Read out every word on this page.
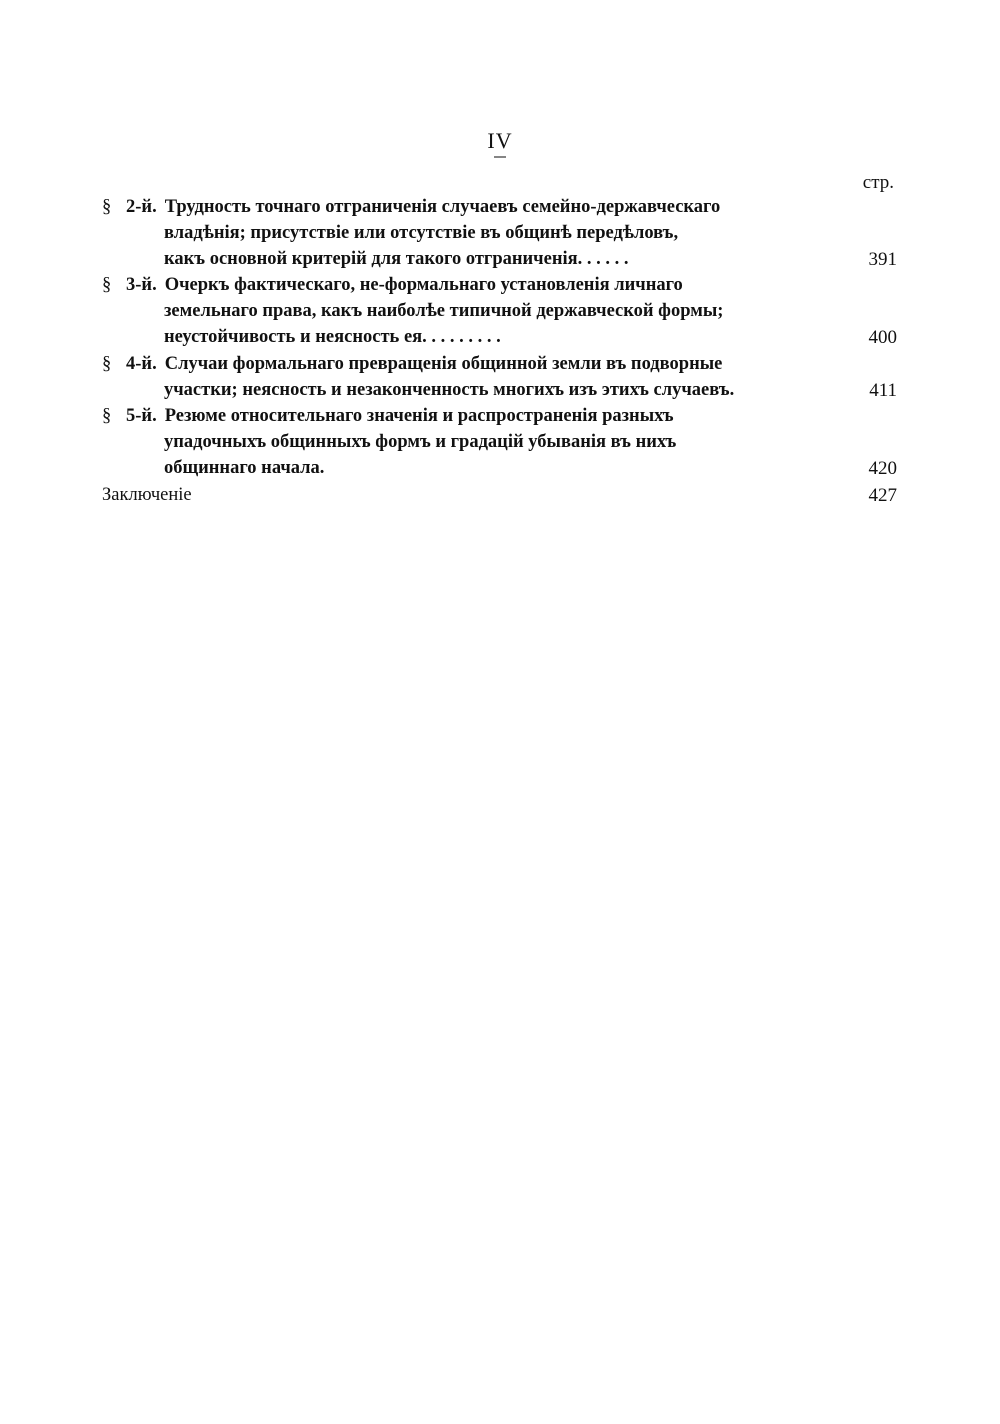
IV
стр.
§ 2-й. Трудность точнаго отграниченія случаевъ семейно-державческаго
владѣнія; присутствіе или отсутствіе въ общинѣ передѣловъ,
какъ основной критерій для такого отграниченія. . . . . .	391
§ 3-й. Очеркъ фактическаго, не-формальнаго установленія личнаго
земельнаго права, какъ наиболѣе типичной державческой формы;
неустойчивость и неясность ея. . . . . . . . .	400
§ 4-й. Случаи формальнаго превращенія общинной земли въ подворные
участки; неясность и незаконченность многихъ изъ этихъ случаевъ.	411
§ 5-й. Резюме относительнаго значенія и распространенія разныхъ
упадочныхъ общинныхъ формъ и градацій убыванія въ нихъ
общиннаго начала.	420
Заключеніе	427
